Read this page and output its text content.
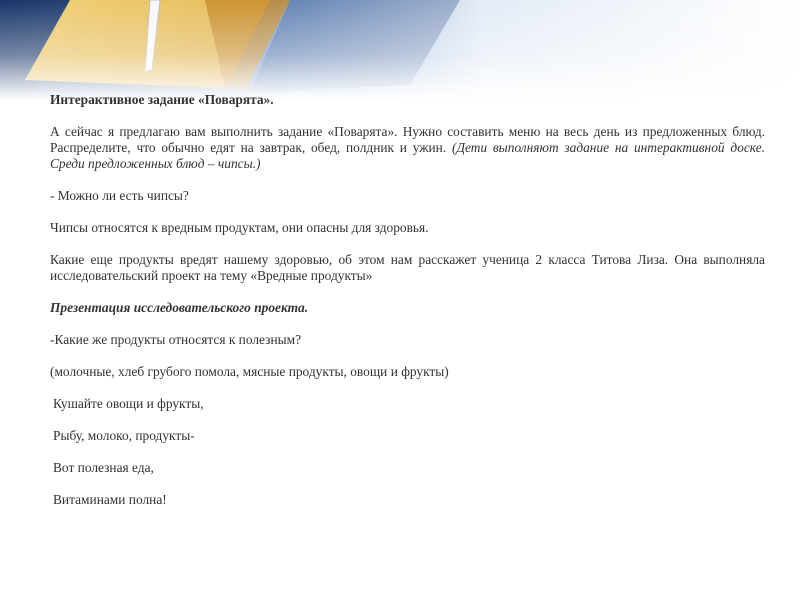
Интерактивное задание «Поварята».
А сейчас я предлагаю вам выполнить задание «Поварята». Нужно составить меню на весь день из предложенных блюд. Распределите, что обычно едят на завтрак, обед, полдник и ужин. (Дети выполняют задание на интерактивной доске. Среди предложенных блюд – чипсы.)
- Можно ли есть чипсы?
Чипсы относятся к вредным продуктам, они опасны для здоровья.
Какие еще продукты вредят нашему здоровью, об этом нам расскажет ученица 2 класса Титова Лиза. Она выполняла исследовательский проект на тему «Вредные продукты»
Презентация исследовательского проекта.
-Какие же продукты относятся к полезным?
(молочные, хлеб грубого помола, мясные продукты, овощи и фрукты)
Кушайте овощи и фрукты,
Рыбу, молоко, продукты-
Вот полезная еда,
Витаминами полна!
